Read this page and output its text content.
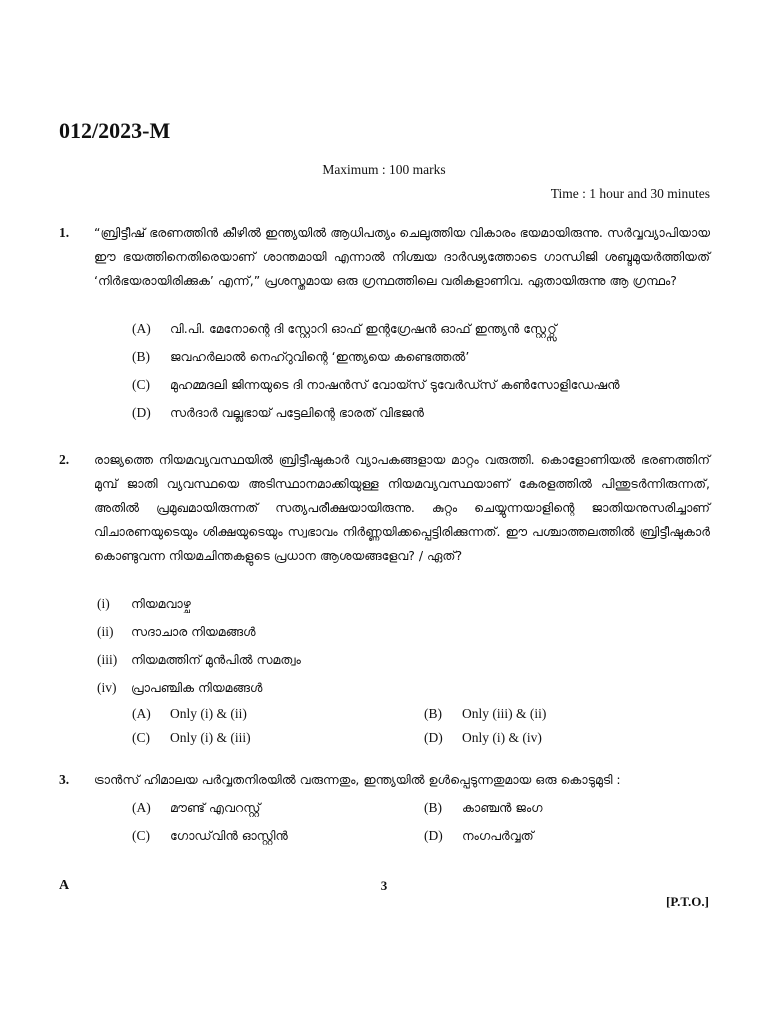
012/2023-M
Maximum : 100 marks
Time : 1 hour and 30 minutes
1. “ബ്രിട്ടീഷ് ഭരണത്തിൻ കീഴിൽ ഇന്ത്യയിൽ ആധിപത്യം ചെലുത്തിയ വികാരം ഭയമായിരുന്നു. സർവ്വവ്യാപിയായ ഈ ഭയത്തിനെതിരെയാണ് ശാന്തമായി എന്നാൽ നിശ്ചയ ദാർഢ്യത്തോടെ ഗാന്ധിജി ശബ്ദമുയർത്തിയത് ‘നിർഭയരായിരിക്കുക’ എന്ന്,” പ്രശസ്തമായ ഒരു ഗ്രന്ഥത്തിലെ വരികളാണിവ. ഏതായിരുന്നു ആ ഗ്രന്ഥം?
(A) വി.പി. മേനോന്റെ ദി സ്റ്റോറി ഓഫ് ഇന്റഗ്രേഷൻ ഓഫ് ഇന്ത്യൻ സ്റ്റേറ്റ്സ്
(B) ജവഹർലാൽ നെഹ്റുവിന്റെ ‘ഇന്ത്യയെ കണ്ടെത്തൽ’
(C) മുഹമ്മദലി ജിന്നയുടെ ദി നാഷൻസ് വോയ്സ് ടുവേർഡ്സ് കൺസോളിഡേഷൻ
(D) സർദാർ വല്ലഭായ് പട്ടേലിന്റെ ഭാരത് വിഭജൻ
2. രാജ്യത്തെ നിയമവ്യവസ്ഥയിൽ ബ്രിട്ടീഷുകാർ വ്യാപകങ്ങളായ മാറ്റം വരുത്തി. കൊളോണിയൽ ഭരണത്തിന് മുമ്പ് ജാതി വ്യവസ്ഥയെ അടിസ്ഥാനമാക്കിയുള്ള നിയമവ്യവസ്ഥയാണ് കേരളത്തിൽ പിന്തുടർന്നിരുന്നത്, അതിൽ പ്രമുഖമായിരുന്നത് സത്യപരീക്ഷയായിരുന്നു. കുറ്റം ചെയ്യുന്നയാളിന്റെ ജാതിയനുസരിച്ചാണ് വിചാരണയുടെയും ശിക്ഷയുടെയും സ്വഭാവം നിർണ്ണയിക്കപ്പെട്ടിരിക്കുന്നത്. ഈ പശ്ചാത്തലത്തിൽ ബ്രിട്ടീഷുകാർ കൊണ്ടുവന്ന നിയമചിന്തകളുടെ പ്രധാന ആശയങ്ങളേവ? / ഏത്?
(i) നിയമവാഴ്ച
(ii) സദാചാര നിയമങ്ങൾ
(iii) നിയമത്തിന് മുൻപിൽ സമത്വം
(iv) പ്രാപഞ്ചിക നിയമങ്ങൾ
(A) Only (i) & (ii)	(B) Only (iii) & (ii)
(C) Only (i) & (iii)	(D) Only (i) & (iv)
3. ട്രാൻസ് ഹിമാലയ പർവ്വതനിരയിൽ വരുന്നതും, ഇന്ത്യയിൽ ഉൾപ്പെടുന്നതുമായ ഒരു കൊടുമുടി :
(A) മൗണ്ട് എവറസ്റ്റ്	(B) കാഞ്ചൻ ജംഗ
(C) ഗോഡ്‌വിൻ ഓസ്റ്റിൻ	(D) നംഗപർവ്വത്
A	3
[P.T.O.]
